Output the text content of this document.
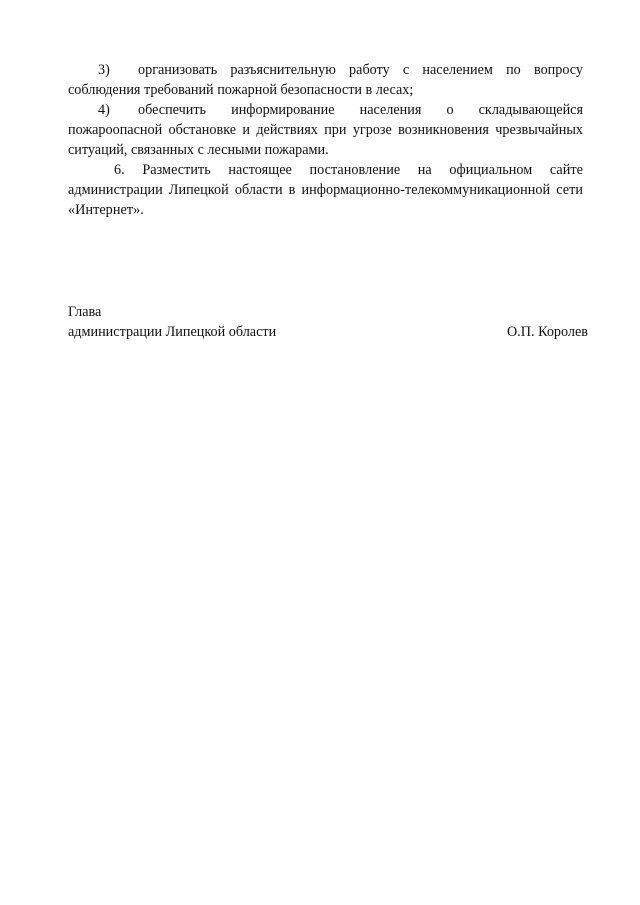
3) организовать разъяснительную работу с населением по вопросу соблюдения требований пожарной безопасности в лесах;

4) обеспечить информирование населения о складывающейся пожароопасной обстановке и действиях при угрозе возникновения чрезвычайных ситуаций, связанных с лесными пожарами.

6. Разместить настоящее постановление на официальном сайте администрации Липецкой области в информационно-телекоммуникационной сети «Интернет».

Глава
администрации Липецкой области	О.П. Королев
